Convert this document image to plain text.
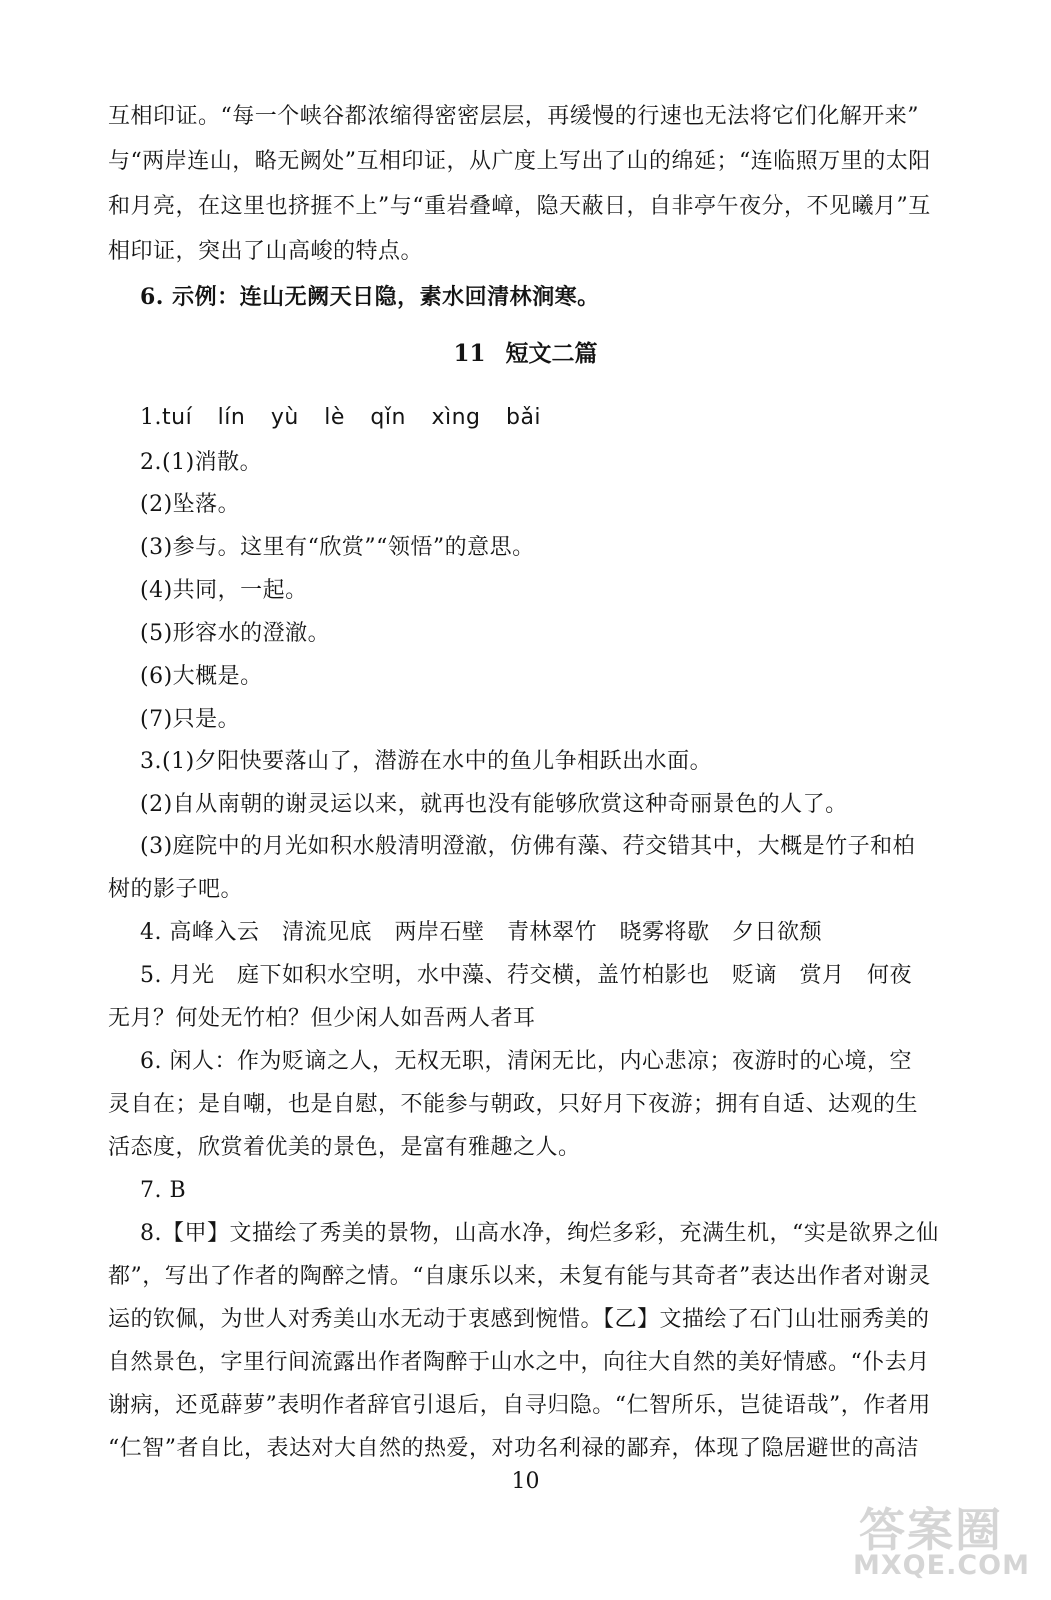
互相印证。“每一个峡谷都浓缩得密密层层，再缓慢的行速也无法将它们化解开来”
与“两岸连山，略无阙处”互相印证，从广度上写出了山的绵延；“连临照万里的太阳
和月亮，在这里也挤捱不上”与“重岩叠嶂，隐天蔽日，自非亭午夜分，不见曦月”互
相印证，突出了山高峻的特点。
6. 示例：连山无阙天日隐，素水回清林涧寒。
11 短文二篇
1.tuí lín yù lè qǐn xìng bǎi
2.(1)消散。
(2)坠落。
(3)参与。这里有“欣赏”“领悟”的意思。
(4)共同，一起。
(5)形容水的澄澈。
(6)大概是。
(7)只是。
3.(1)夕阳快要落山了，潜游在水中的鱼儿争相跃出水面。
(2)自从南朝的谢灵运以来，就再也没有能够欣赏这种奇丽景色的人了。
(3)庭院中的月光如积水般清明澄澈，仿佛有藻、荇交错其中，大概是竹子和柏
树的影子吧。
4. 高峰入云　清流见底　两岸石壁　青林翠竹　晓雾将歇　夕日欲颓
5. 月光　庭下如积水空明，水中藻、荇交横，盖竹柏影也　贬谪　赏月　何夜
无月？何处无竹柏？但少闲人如吾两人者耳
6. 闲人：作为贬谪之人，无权无职，清闲无比，内心悲凉；夜游时的心境，空
灵自在；是自嘲，也是自慰，不能参与朝政，只好月下夜游；拥有自适、达观的生
活态度，欣赏着优美的景色，是富有雅趣之人。
7. B
8.【甲】文描绘了秀美的景物，山高水净，绚烂多彩，充满生机，“实是欲界之仙
都”，写出了作者的陶醉之情。“自康乐以来，未复有能与其奇者”表达出作者对谢灵
运的钦佩，为世人对秀美山水无动于衷感到惋惜。【乙】文描绘了石门山壮丽秀美的
自然景色，字里行间流露出作者陶醉于山水之中，向往大自然的美好情感。“仆去月
谢病，还觅薜萝”表明作者辞官引退后，自寻归隐。“仁智所乐，岂徒语哉”，作者用
“仁智”者自比，表达对大自然的热爱，对功名利禄的鄙弃，体现了隐居避世的高洁
10
答案圈
MXQE.COM
